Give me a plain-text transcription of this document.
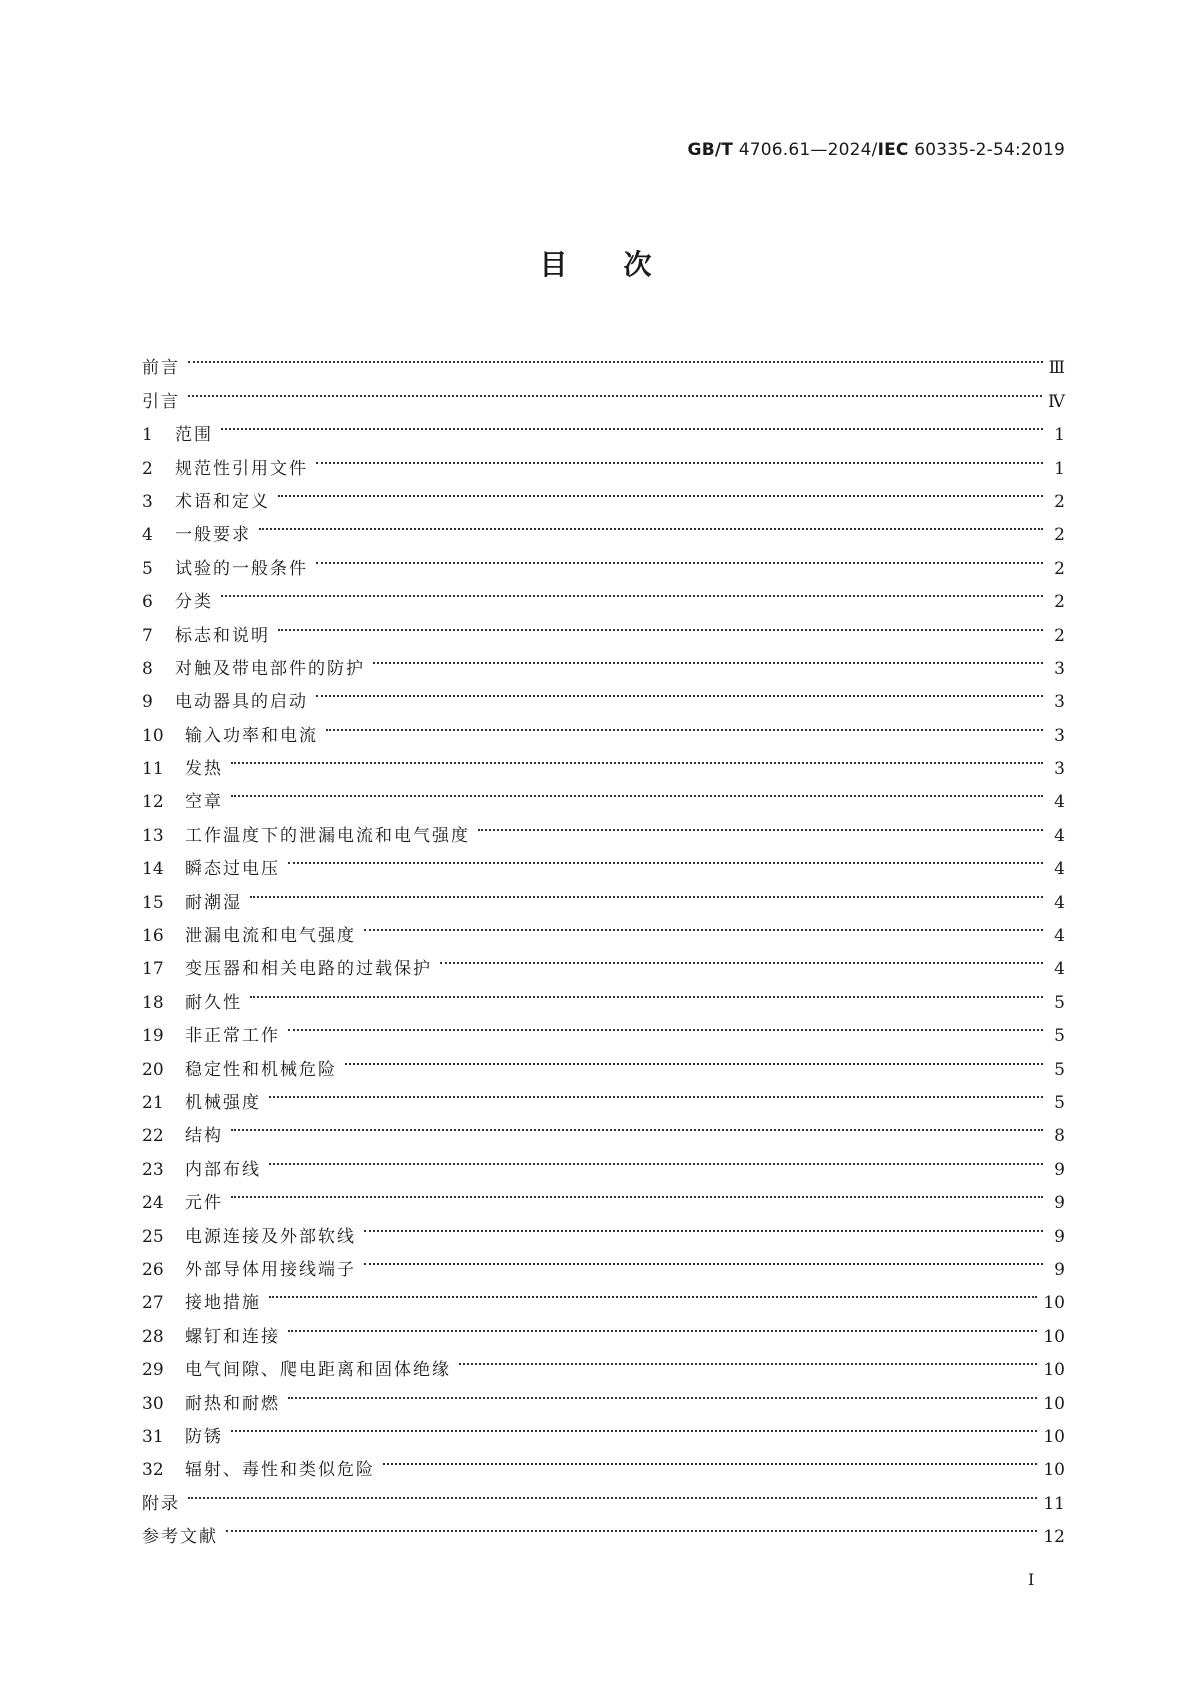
GB/T 4706.61—2024/IEC 60335-2-54:2019
目次
前言	Ⅲ
引言	Ⅳ
1	范围	1
2	规范性引用文件	1
3	术语和定义	2
4	一般要求	2
5	试验的一般条件	2
6	分类	2
7	标志和说明	2
8	对触及带电部件的防护	3
9	电动器具的启动	3
10	输入功率和电流	3
11	发热	3
12	空章	4
13	工作温度下的泄漏电流和电气强度	4
14	瞬态过电压	4
15	耐潮湿	4
16	泄漏电流和电气强度	4
17	变压器和相关电路的过载保护	4
18	耐久性	5
19	非正常工作	5
20	稳定性和机械危险	5
21	机械强度	5
22	结构	8
23	内部布线	9
24	元件	9
25	电源连接及外部软线	9
26	外部导体用接线端子	9
27	接地措施	10
28	螺钉和连接	10
29	电气间隙、爬电距离和固体绝缘	10
30	耐热和耐燃	10
31	防锈	10
32	辐射、毒性和类似危险	10
附录	11
参考文献	12
I
